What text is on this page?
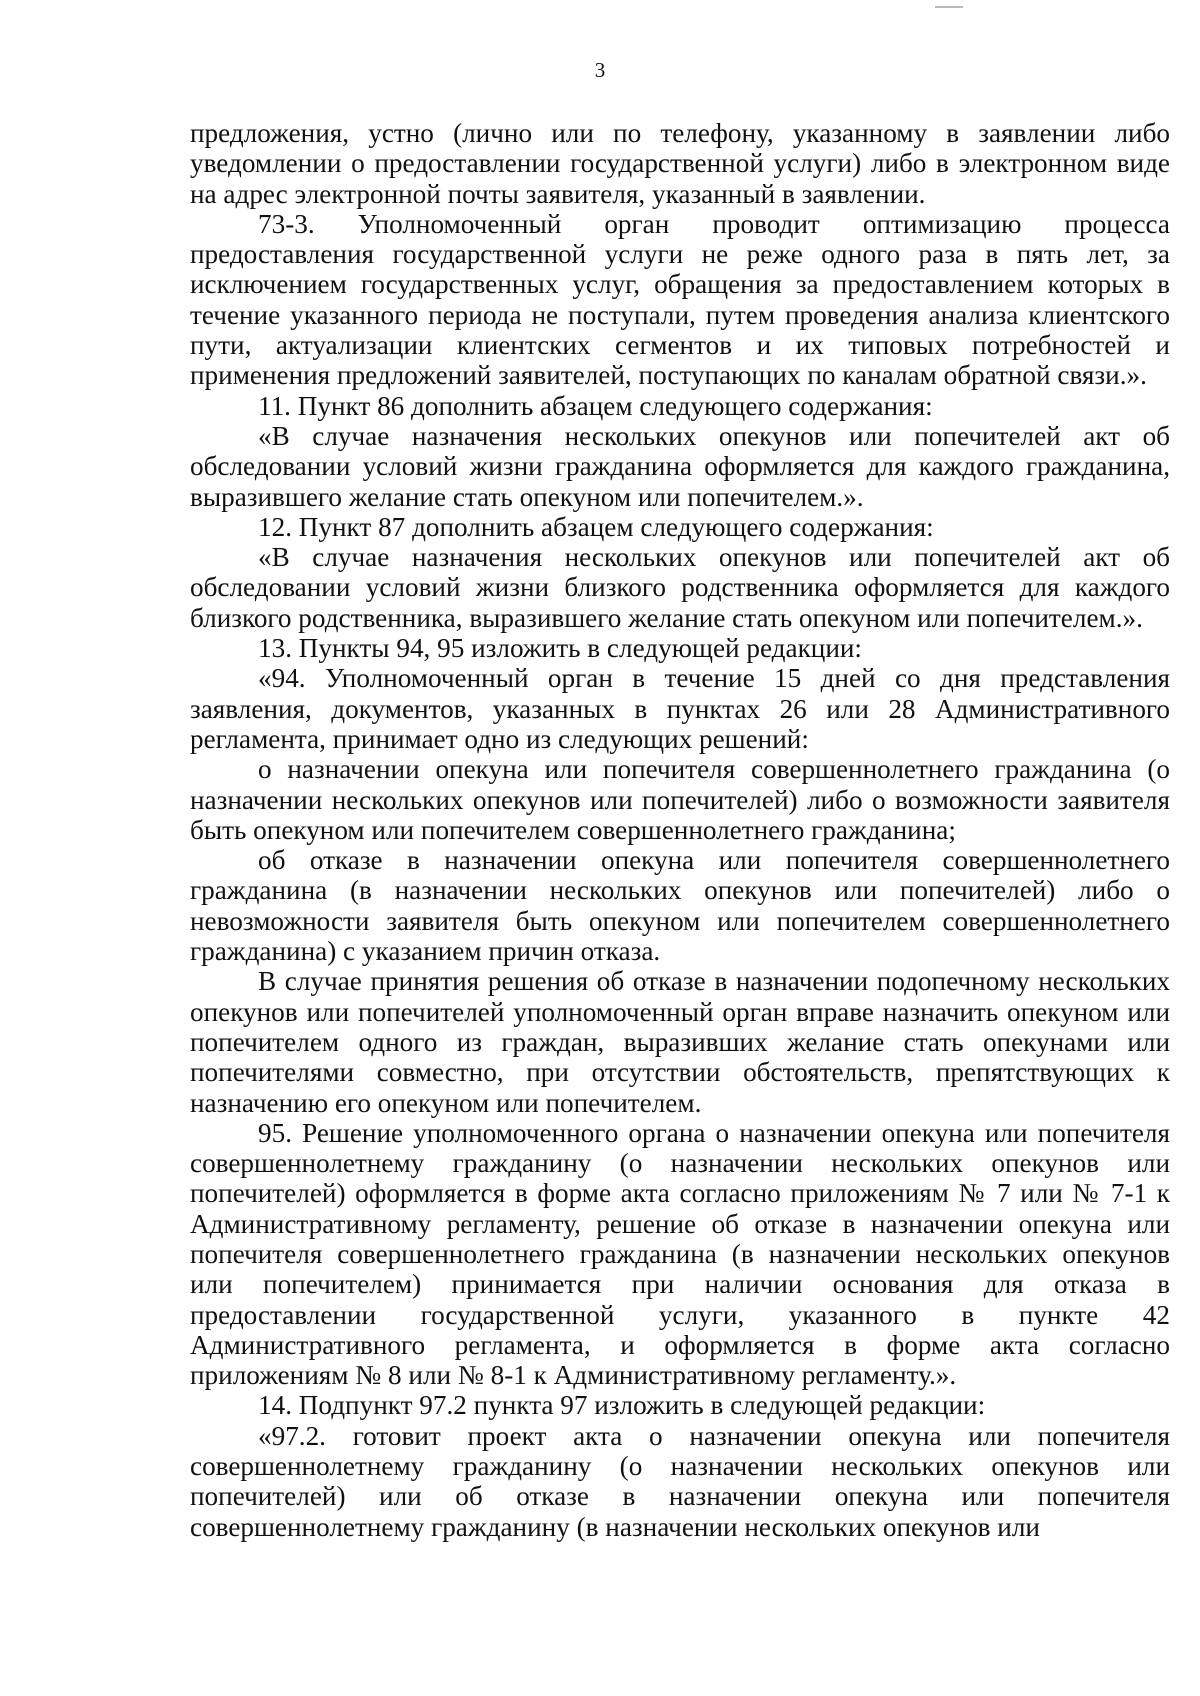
3

предложения, устно (лично или по телефону, указанному в заявлении либо уведомлении о предоставлении государственной услуги) либо в электронном виде на адрес электронной почты заявителя, указанный в заявлении.

73-3. Уполномоченный орган проводит оптимизацию процесса предоставления государственной услуги не реже одного раза в пять лет, за исключением государственных услуг, обращения за предоставлением которых в течение указанного периода не поступали, путем проведения анализа клиентского пути, актуализации клиентских сегментов и их типовых потребностей и применения предложений заявителей, поступающих по каналам обратной связи.».

11. Пункт 86 дополнить абзацем следующего содержания:

«В случае назначения нескольких опекунов или попечителей акт об обследовании условий жизни гражданина оформляется для каждого гражданина, выразившего желание стать опекуном или попечителем.».

12. Пункт 87 дополнить абзацем следующего содержания:

«В случае назначения нескольких опекунов или попечителей акт об обследовании условий жизни близкого родственника оформляется для каждого близкого родственника, выразившего желание стать опекуном или попечителем.».

13. Пункты 94, 95 изложить в следующей редакции:

«94. Уполномоченный орган в течение 15 дней со дня представления заявления, документов, указанных в пунктах 26 или 28 Административного регламента, принимает одно из следующих решений:

о назначении опекуна или попечителя совершеннолетнего гражданина (о назначении нескольких опекунов или попечителей) либо о возможности заявителя быть опекуном или попечителем совершеннолетнего гражданина;

об отказе в назначении опекуна или попечителя совершеннолетнего гражданина (в назначении нескольких опекунов или попечителей) либо о невозможности заявителя быть опекуном или попечителем совершеннолетнего гражданина) с указанием причин отказа.

В случае принятия решения об отказе в назначении подопечному нескольких опекунов или попечителей уполномоченный орган вправе назначить опекуном или попечителем одного из граждан, выразивших желание стать опекунами или попечителями совместно, при отсутствии обстоятельств, препятствующих к назначению его опекуном или попечителем.

95. Решение уполномоченного органа о назначении опекуна или попечителя совершеннолетнему гражданину (о назначении нескольких опекунов или попечителей) оформляется в форме акта согласно приложениям № 7 или № 7-1 к Административному регламенту, решение об отказе в назначении опекуна или попечителя совершеннолетнего гражданина (в назначении нескольких опекунов или попечителем) принимается при наличии основания для отказа в предоставлении государственной услуги, указанного в пункте 42 Административного регламента, и оформляется в форме акта согласно приложениям № 8 или № 8-1 к Административному регламенту.».

14. Подпункт 97.2 пункта 97 изложить в следующей редакции:

«97.2. готовит проект акта о назначении опекуна или попечителя совершеннолетнему гражданину (о назначении нескольких опекунов или попечителей) или об отказе в назначении опекуна или попечителя совершеннолетнему гражданину (в назначении нескольких опекунов или
